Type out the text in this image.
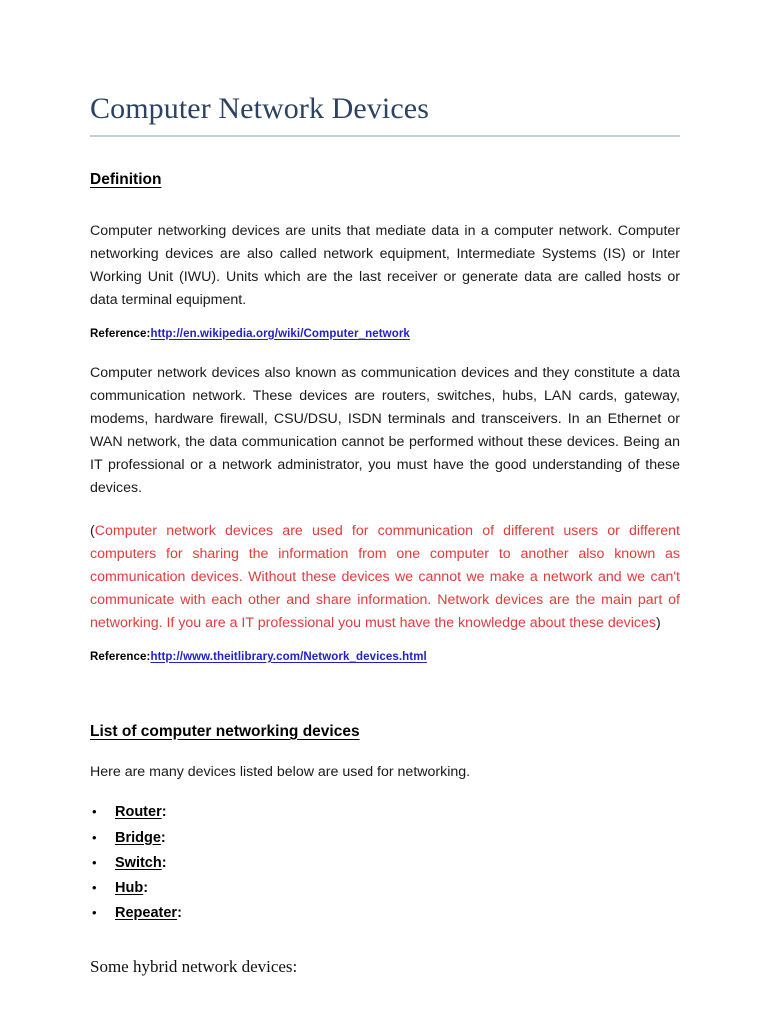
Computer Network Devices
Definition

Computer networking devices are units that mediate data in a computer network. Computer networking devices are also called network equipment, Intermediate Systems (IS) or Inter Working Unit (IWU). Units which are the last receiver or generate data are called hosts or data terminal equipment.

Reference:http://en.wikipedia.org/wiki/Computer_network

Computer network devices also known as communication devices and they constitute a data communication network. These devices are routers, switches, hubs, LAN cards, gateway, modems, hardware firewall, CSU/DSU, ISDN terminals and transceivers. In an Ethernet or WAN network, the data communication cannot be performed without these devices. Being an IT professional or a network administrator, you must have the good understanding of these devices.

(Computer network devices are used for communication of different users or different computers for sharing the information from one computer to another also known as communication devices. Without these devices we cannot we make a network and we can't communicate with each other and share information. Network devices are the main part of networking. If you are a IT professional you must have the knowledge about these devices)

Reference:http://www.theitlibrary.com/Network_devices.html

List of computer networking devices

Here are many devices listed below are used for networking.

• Router:
• Bridge:
• Switch:
• Hub:
• Repeater:

Some hybrid network devices:
